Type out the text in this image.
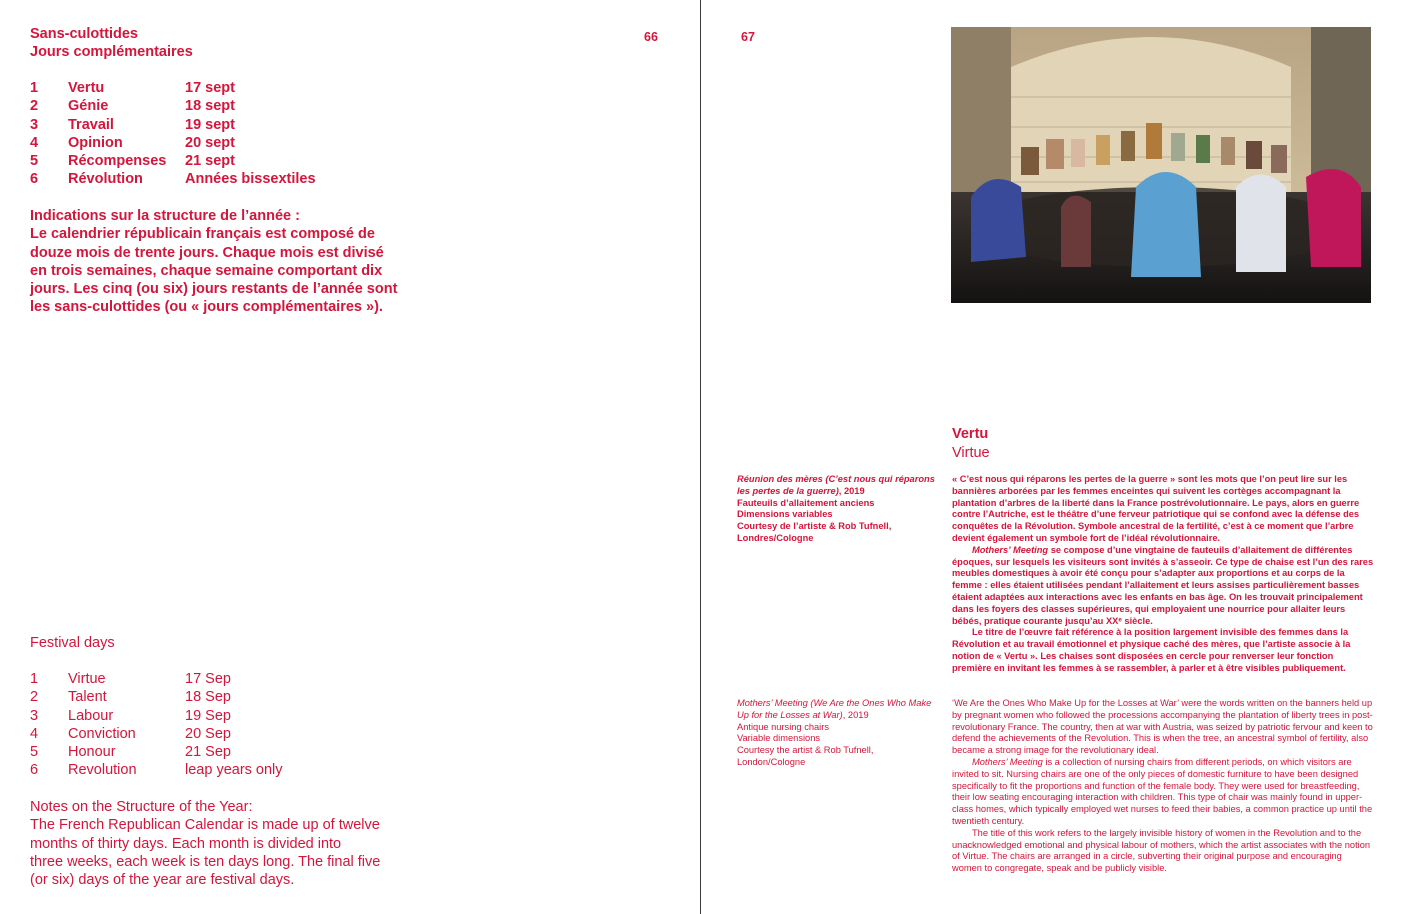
66
Sans-culottides
Jours complémentaires
1	Vertu	17 sept
2	Génie	18 sept
3	Travail	19 sept
4	Opinion	20 sept
5	Récompenses	21 sept
6	Révolution	Années bissextiles
Indications sur la structure de l’année :
Le calendrier républicain français est composé de
douze mois de trente jours. Chaque mois est divisé
en trois semaines, chaque semaine comportant dix
jours. Les cinq (ou six) jours restants de l’année sont
les sans-culottides (ou « jours complémentaires »).
Festival days
1	Virtue	17 Sep
2	Talent	18 Sep
3	Labour	19 Sep
4	Conviction	20 Sep
5	Honour	21 Sep
6	Revolution	leap years only
Notes on the Structure of the Year:
The French Republican Calendar is made up of twelve
months of thirty days. Each month is divided into
three weeks, each week is ten days long. The final five
(or six) days of the year are festival days.
67
Vertu
Virtue
Réunion des mères (C’est nous qui réparons les pertes de la guerre), 2019
Fauteuils d’allaitement anciens
Dimensions variables
Courtesy de l’artiste & Rob Tufnell,
Londres/Cologne

« C’est nous qui réparons les pertes de la guerre » sont les mots que l’on peut lire sur les bannières arborées par les femmes enceintes qui suivent les cortèges accompagnant la plantation d’arbres de la liberté dans la France postrévolutionnaire. Le pays, alors en guerre contre l’Autriche, est le théâtre d’une ferveur patriotique qui se confond avec la défense des conquêtes de la Révolution. Symbole ancestral de la fertilité, c’est à ce moment que l’arbre devient également un symbole fort de l’idéal révolutionnaire.

Mothers’ Meeting se compose d’une vingtaine de fauteuils d’allaitement de différentes époques, sur lesquels les visiteurs sont invités à s’asseoir. Ce type de chaise est l’un des rares meubles domestiques à avoir été conçu pour s’adapter aux proportions et au corps de la femme : elles étaient utilisées pendant l’allaitement et leurs assises particulièrement basses étaient adaptées aux interactions avec les enfants en bas âge. On les trouvait principalement dans les foyers des classes supérieures, qui employaient une nourrice pour allaiter leurs bébés, pratique courante jusqu’au XXᵉ siècle.

Le titre de l’œuvre fait référence à la position largement invisible des femmes dans la Révolution et au travail émotionnel et physique caché des mères, que l’artiste associe à la notion de « Vertu ». Les chaises sont disposées en cercle pour renverser leur fonction première en invitant les femmes à se rassembler, à parler et à être visibles publiquement.

Mothers’ Meeting (We Are the Ones Who Make Up for the Losses at War), 2019
Antique nursing chairs
Variable dimensions
Courtesy the artist & Rob Tufnell,
London/Cologne

‘We Are the Ones Who Make Up for the Losses at War’ were the words written on the banners held up by pregnant women who followed the processions accompanying the plantation of liberty trees in post-revolutionary France. The country, then at war with Austria, was seized by patriotic fervour and keen to defend the achievements of the Revolution. This is when the tree, an ancestral symbol of fertility, also became a strong image for the revolutionary ideal.

Mothers’ Meeting is a collection of nursing chairs from different periods, on which visitors are invited to sit. Nursing chairs are one of the only pieces of domestic furniture to have been designed specifically to fit the proportions and function of the female body. They were used for breastfeeding, their low seating encouraging interaction with children. This type of chair was mainly found in upper-class homes, which typically employed wet nurses to feed their babies, a common practice up until the twentieth century.

The title of this work refers to the largely invisible history of women in the Revolution and to the unacknowledged emotional and physical labour of mothers, which the artist associates with the notion of Virtue. The chairs are arranged in a circle, subverting their original purpose and encouraging women to congregate, speak and be publicly visible.
